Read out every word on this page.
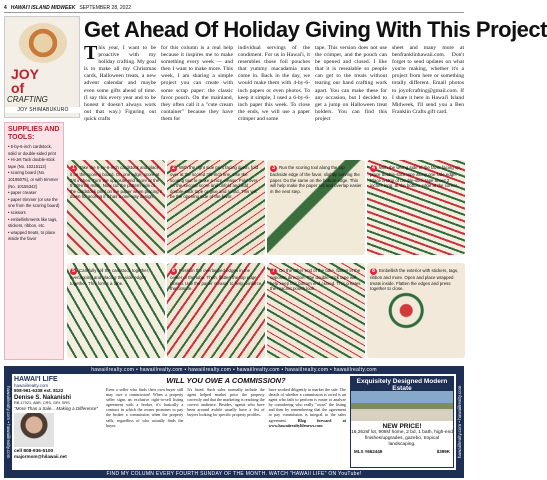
4 HAWAI'I ISLAND MIDWEEK SEPTEMBER 28, 2022
Get Ahead Of Holiday Giving With This Project
JOY
of
CRAFTING
JOY SHIMABUKURO
This year, I want to be proactive with my holiday crafting. My goal is to make all my Christmas cards, Halloween treats, a new advent calendar and maybe even some gifts ahead of time. (I say this every year and to be honest it doesn't always work out that way.) Figuring out quick crafts
for this column is a real help because it inspires me to make something every week — and then I want to make more. This week, I am sharing a simple project you can create with some scrap paper: the classic favor pouch. On the mainland, they often call it a "cute cream container" because they have them for
individual servings of the condiment. For us in Hawai'i, it resembles those foil pouches that yummy macadamia nuts come in. Back in the day, we would make them with 4-by-6-inch papers or even photos. To keep it simple, I used a 6-by-6-inch paper this week. To close the ends, we will use a paper crimper and some
tape. This version does not use the crimper, and the pouch can be opened and closed. I like that it is resealable so people can get to the treats without tearing our hand crafting work apart. You can make these for any occasion, but I decided to get a jump on Halloween treat holders. You can find this project
sheet and many more at benfranklinhawaii.com. Don't forget to send updates on what you're making, whether it's a project from here or something totally different. Email photos to joyofcrafting@gmail.com. If I share it here in Hawai'i Island Midweek, I'll send you a Ben Franklin Crafts gift card.
SUPPLIES AND TOOLS:
• 6-by-6-inch cardstock, solid or double-sided print
• Hi-Jet Tack double-stick tape (No. 10215112)
• scoring board (No. 10195075), or with trimmer (No. 10155342)
• paper creaser
• paper trimmer (or use the one from the scoring board)
• scissors
• embellishments like tags, stickers, ribbon, etc.
• wrapped treats, to place inside the favor
1 Take the 6-by-6-inch cardstock and place it on the scoring board. On one edge, score at 3/8 inches. Turn the opposite end score at the 5 3/8-inch mark. Now cut the pattern side of the cardstock print on the paper when placing it down for scoring if it has a one-way design.
2 With the right side print facing down, fold over at the scored 3/8-inch line. Use the scoring tool to make a nice crease. Fold over on the second score and unfold and add double-stick tape or glue and refold. This will be the opening side of the favor.
3 Run the scoring tool along the top backside edge of the favor, slightly curving the paper. Do the same on the bottom edge. This will help make the paper roll and overlap easier in the next step.
4 With the wrong side of the favor facing up, place double-stick tape along one side edge. Place a strip of double-stick tape about 2 inches long, at the bottom edge at the corner.
5 Carefully roll the cardstock together, overlapping and placing the side edges together. This forms a tube.
6 Position the overlapped edges in the center of the tube. Then, flatten the top edge closed. Use the paper creaser to help reinforce the closure.
7 On the other end of the tube, flatten in the opposite direction. The double-stick tape will help keep this bottom end closed. This creates the macnut pouch look.
8 Embellish the exterior with stickers, tags, ribbon and more. Open and place wrapped treats inside. Flatten the edges and press together to close.
hawaiilrealty.com • hawaiilrealty.com • hawaiilrealty.com • hawaiilrealty.com • hawaiilrealty.com • hawaiilrealty.com
hawaiilrealty.com • hawaiilrealty.com	hawaiilrealty.com • hawaiilrealty.com
HAWAI'I LIFE
hawaiilrealty.com
808-961-6338 ext. 8122
Denise S. Nakanishi
RB-17021, ABR, CRS, GRI, SRS
"More Than a Sale... Making a Difference"
cell 808-936-5100
majormom@hilawaii.net
WILL YOU OWE A COMMISSION?
Even a seller who finds their own buyer still may owe a commission! When a property seller signs an exclusive right-to-sell listing agreement with a broker, it's basically a contract in which the owner promises to pay the broker a commission when the property sells, regardless of who actually finds the buyer.
It's listed. Such sales normally include the agent helped market price the property correctly and that the marketing is reaching the correct audience. Besides, agents who have been around awhile usually have a list of buyers looking for specific property profiles.
have worked diligently to market the sale. The details of whether a commission is owed is an agent who fails to perform is easier to analyze by considering who really "owns" the listing and then by remembering that the agreement to pay commission is integral to the sales agreement.	Blog forward at www.hawaiirealtylifenews.com
Exquisitely Designed Modern Estate
NEW PRICE!
16,262sf lot, 908sf home, 2 bd, 1 bath, high-end finishes/upgrades, gazebo, tropical landscaping.
MLS #662449	$399K
FIND MY COLUMN EVERY FOURTH SUNDAY OF THE MONTH. WATCH "HAWAII LIFE" ON YouTube!
